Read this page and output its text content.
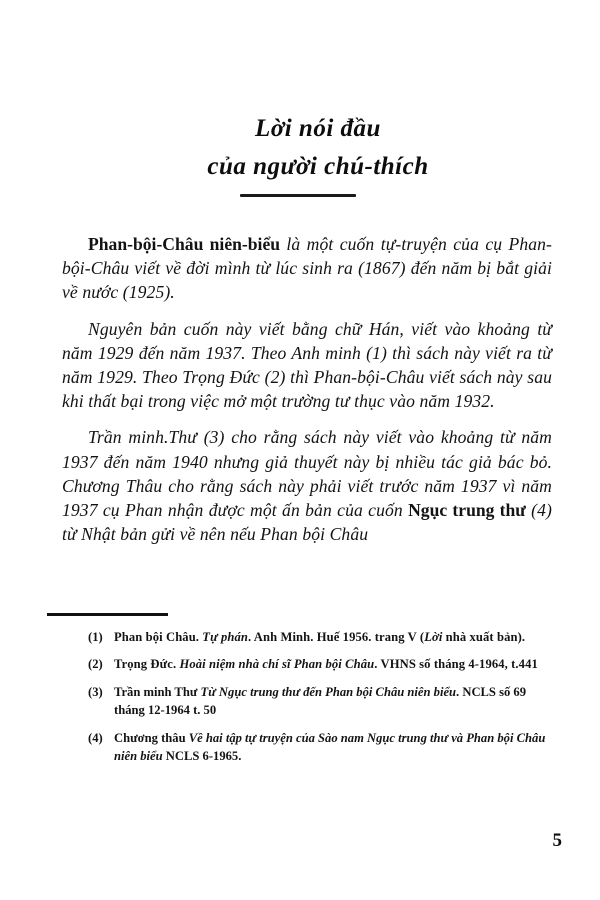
Lời nói đầu
của người chú-thích

Phan-bội-Châu niên-biểu là một cuốn tự-truyện của cụ Phan-bội-Châu viết về đời mình từ lúc sinh ra (1867) đến năm bị bắt giải về nước (1925).

Nguyên bản cuốn này viết bằng chữ Hán, viết vào khoảng từ năm 1929 đến năm 1937. Theo Anh minh (1) thì sách này viết ra từ năm 1929. Theo Trọng Đức (2) thì Phan-bội-Châu viết sách này sau khi thất bại trong việc mở một trường tư thục vào năm 1932.

Trần minh.Thư (3) cho rằng sách này viết vào khoảng từ năm 1937 đến năm 1940 nhưng giả thuyết này bị nhiều tác giả bác bỏ. Chương Thâu cho rằng sách này phải viết trước năm 1937 vì năm 1937 cụ Phan nhận được một ấn bản của cuốn Ngục trung thư (4) từ Nhật bản gửi về nên nếu Phan bội Châu

(1) Phan bội Châu. Tự phán. Anh Minh. Huế 1956. trang V (Lời nhà xuất bản).
(2) Trọng Đức. Hoài niệm nhà chí sĩ Phan bội Châu. VHNS số tháng 4-1964, t.441
(3) Trần minh Thư Từ Ngục trung thư đến Phan bội Châu niên biểu. NCLS số 69 tháng 12-1964 t. 50
(4) Chương thâu Về hai tập tự truyện của Sào nam Ngục trung thư và Phan bội Châu niên biểu NCLS 6-1965.
5
